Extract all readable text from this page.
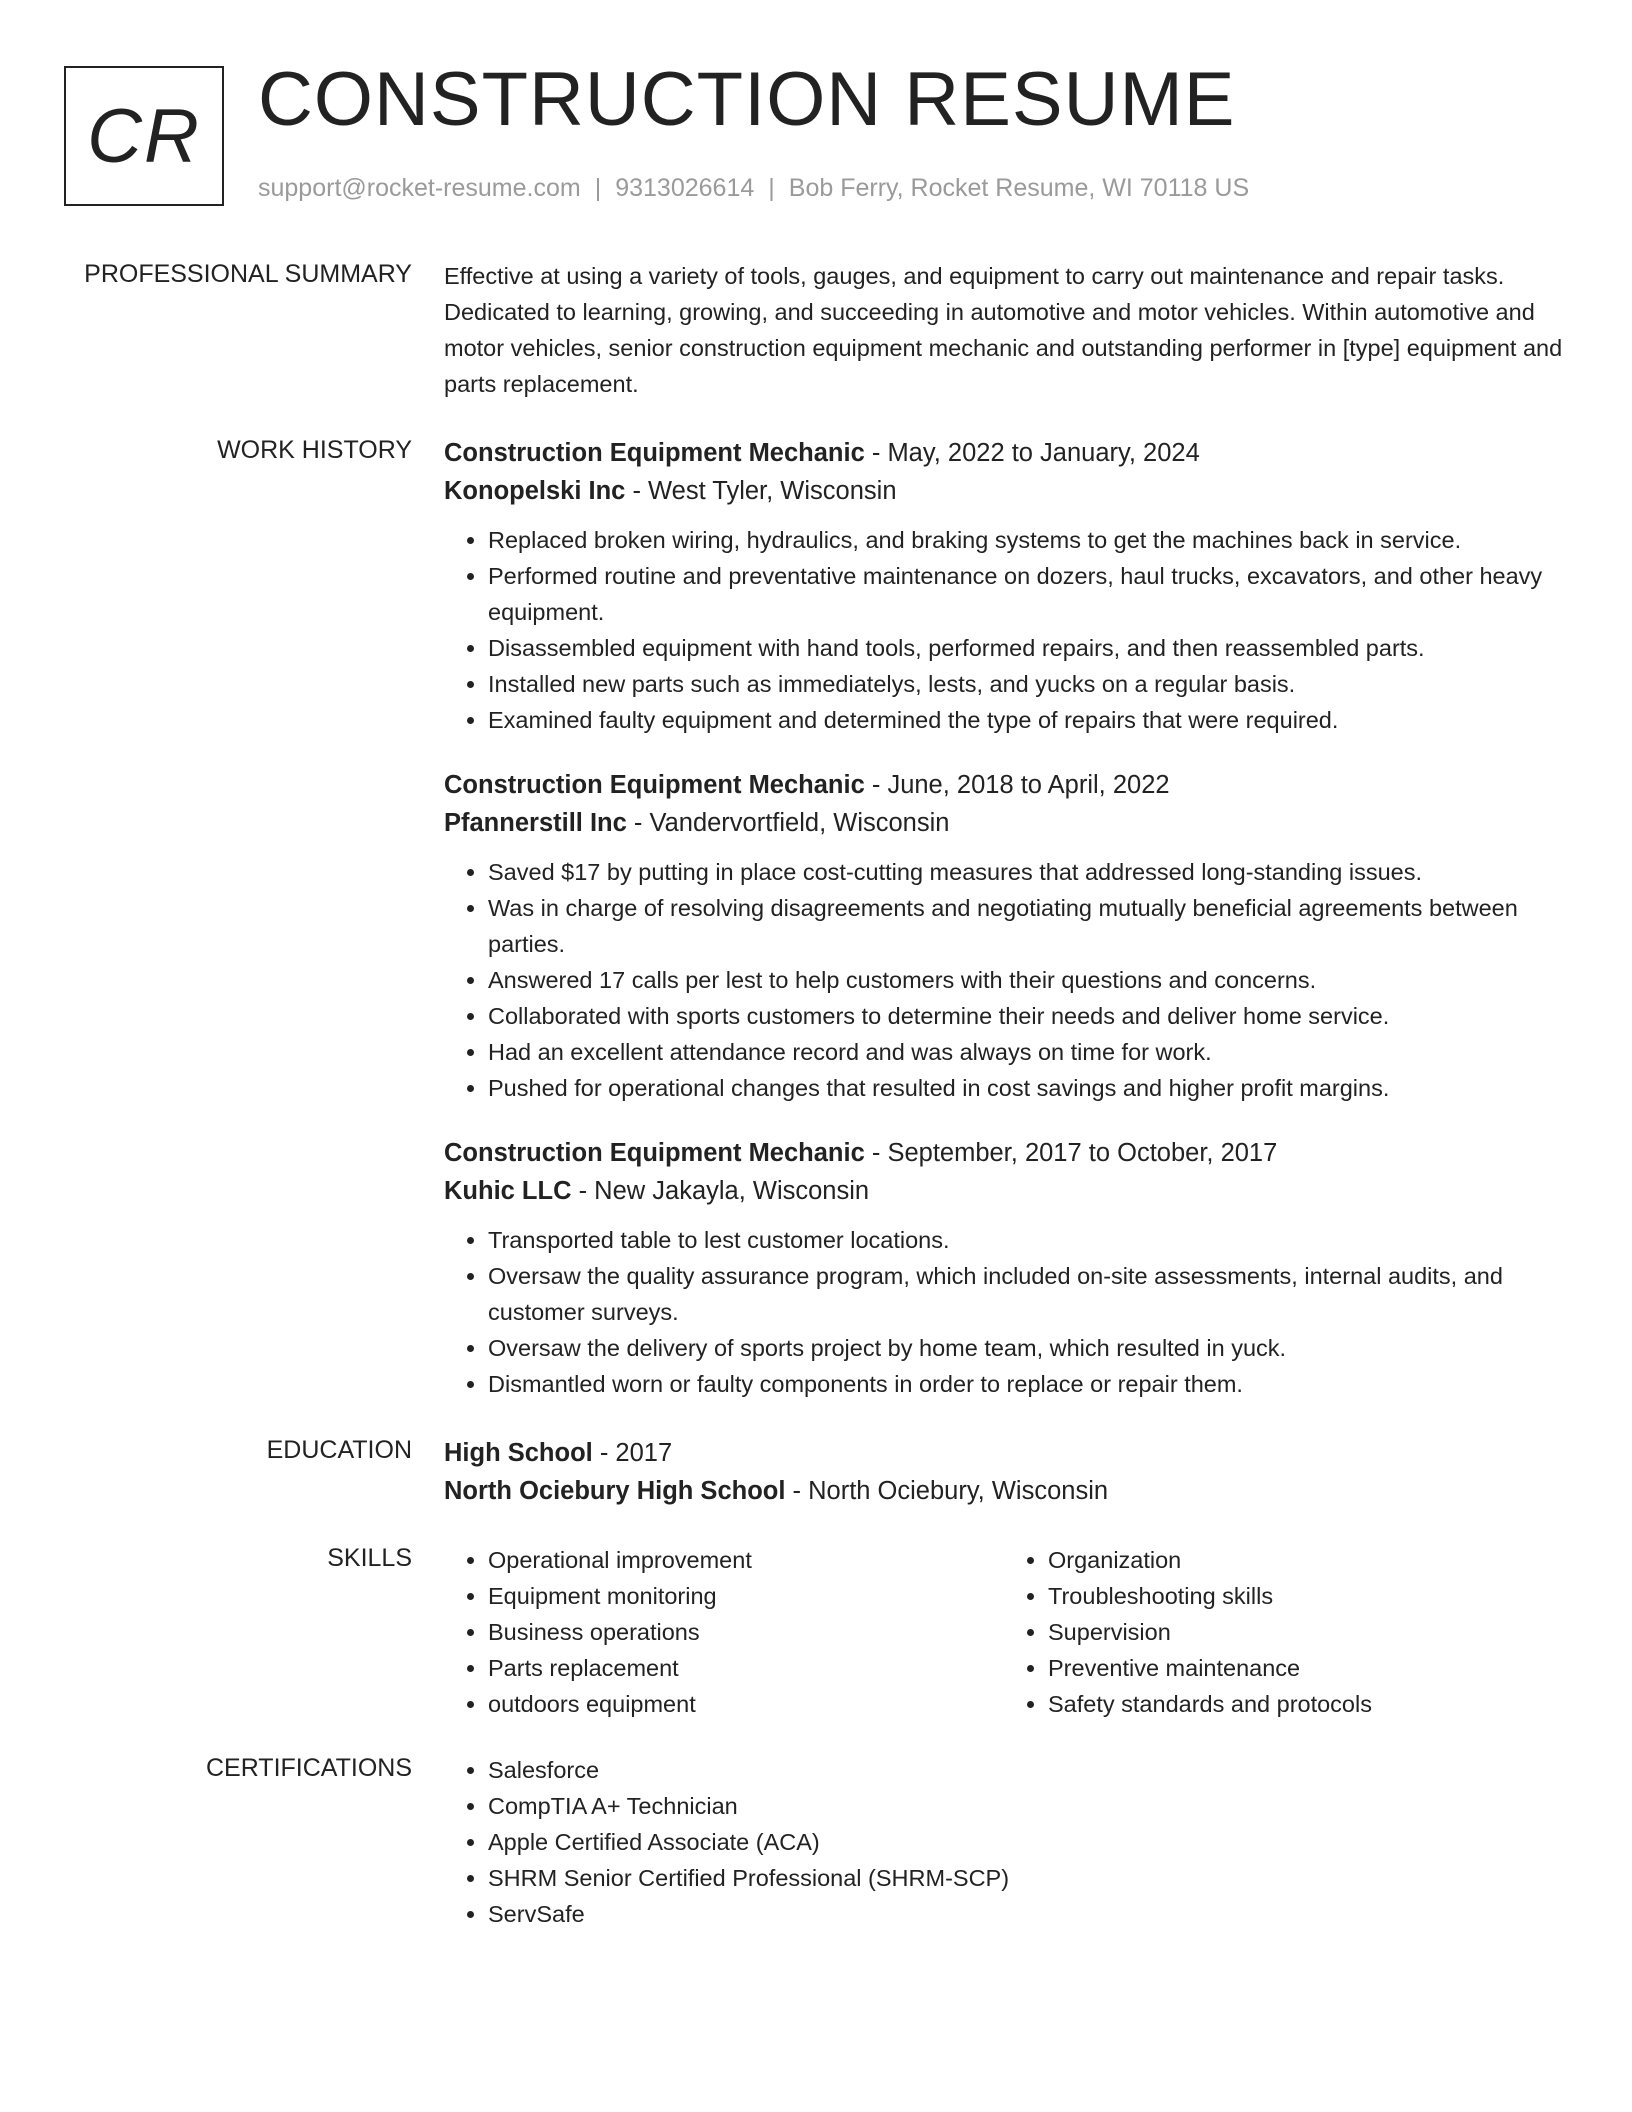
CR CONSTRUCTION RESUME
support@rocket-resume.com | 9313026614 | Bob Ferry, Rocket Resume, WI 70118 US
PROFESSIONAL SUMMARY Effective at using a variety of tools, gauges, and equipment to carry out maintenance and repair tasks. Dedicated to learning, growing, and succeeding in automotive and motor vehicles. Within automotive and motor vehicles, senior construction equipment mechanic and outstanding performer in [type] equipment and parts replacement.

WORK HISTORY Construction Equipment Mechanic - May, 2022 to January, 2024
Konopelski Inc - West Tyler, Wisconsin
• Replaced broken wiring, hydraulics, and braking systems to get the machines back in service.
• Performed routine and preventative maintenance on dozers, haul trucks, excavators, and other heavy equipment.
• Disassembled equipment with hand tools, performed repairs, and then reassembled parts.
• Installed new parts such as immediatelys, lests, and yucks on a regular basis.
• Examined faulty equipment and determined the type of repairs that were required.
Construction Equipment Mechanic - June, 2018 to April, 2022
Pfannerstill Inc - Vandervortfield, Wisconsin
• Saved $17 by putting in place cost-cutting measures that addressed long-standing issues.
• Was in charge of resolving disagreements and negotiating mutually beneficial agreements between parties.
• Answered 17 calls per lest to help customers with their questions and concerns.
• Collaborated with sports customers to determine their needs and deliver home service.
• Had an excellent attendance record and was always on time for work.
• Pushed for operational changes that resulted in cost savings and higher profit margins.
Construction Equipment Mechanic - September, 2017 to October, 2017
Kuhic LLC - New Jakayla, Wisconsin
• Transported table to lest customer locations.
• Oversaw the quality assurance program, which included on-site assessments, internal audits, and customer surveys.
• Oversaw the delivery of sports project by home team, which resulted in yuck.
• Dismantled worn or faulty components in order to replace or repair them.
EDUCATION High School - 2017
North Ociebury High School - North Ociebury, Wisconsin
SKILLS	• Operational improvement
• Equipment monitoring
• Business operations
• Parts replacement
• outdoors equipment
• Organization
• Troubleshooting skills
• Supervision
• Preventive maintenance
• Safety standards and protocols
CERTIFICATIONS	• Salesforce
• CompTIA A+ Technician
• Apple Certified Associate (ACA)
• SHRM Senior Certified Professional (SHRM-SCP)
• ServSafe
